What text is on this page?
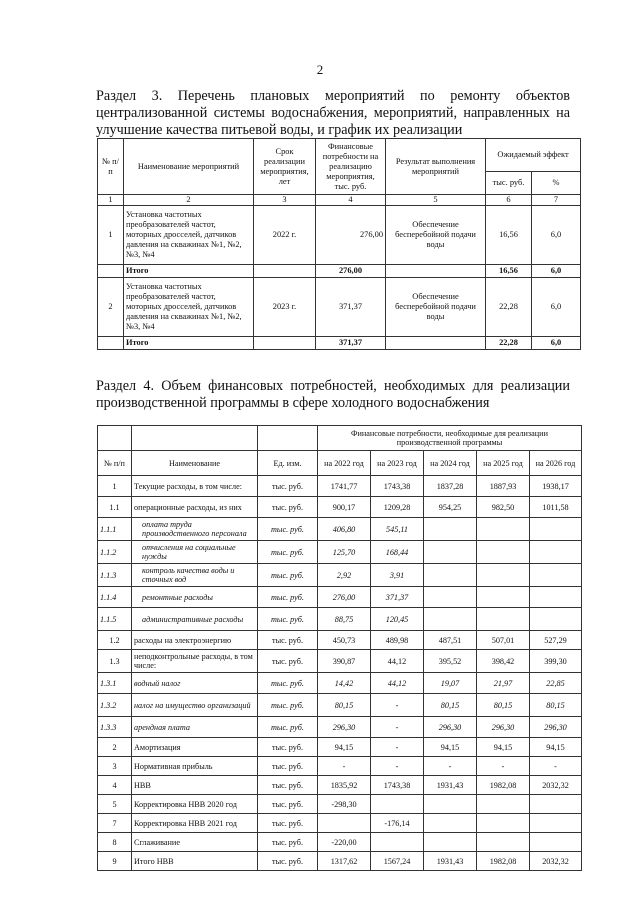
2
Раздел 3. Перечень плановых мероприятий по ремонту объектов централизованной системы водоснабжения, мероприятий, направленных на улучшение качества питьевой воды, и график их реализации
№ п/п	Наименование мероприятий	Срок реализации мероприятия, лет	Финансовые потребности на реализацию мероприятия, тыс. руб.	Результат выполнения мероприятий	Ожидаемый эффект	
					тыс. руб.	%
1	2	3	4	5	6	7
1	Установка частотных преобразователей частот, моторных дросселей, датчиков давления на скважинах №1, №2, №3, №4	2022 г.	276,00	Обеспечение бесперебойной подачи воды	16,56	6,0
	Итого		276,00		16,56	6,0
2	Установка частотных преобразователей частот, моторных дросселей, датчиков давления на скважинах №1, №2, №3, №4	2023 г.	371,37	Обеспечение бесперебойной подачи воды	22,28	6,0
	Итого		371,37		22,28	6,0
Раздел 4. Объем финансовых потребностей, необходимых для реализации производственной программы в сфере холодного водоснабжения
			Финансовые потребности, необходимые для реализации производственной программы				
№ п/п	Наименование	Ед. изм.	на 2022 год	на 2023 год	на 2024 год	на 2025 год	на 2026 год
1	Текущие расходы, в том числе:	тыс. руб.	1741,77	1743,38	1837,28	1887,93	1938,17
1.1	операционные расходы, из них	тыс. руб.	900,17	1209,28	954,25	982,50	1011,58
1.1.1	оплата труда производственного персонала	тыс. руб.	406,80	545,11			
1.1.2	отчисления на социальные нужды	тыс. руб.	125,70	168,44			
1.1.3	контроль качества воды и сточных вод	тыс. руб.	2,92	3,91			
1.1.4	ремонтные расходы	тыс. руб.	276,00	371,37			
1.1.5	административные расходы	тыс. руб.	88,75	120,45			
1.2	расходы на электроэнергию	тыс. руб.	450,73	489,98	487,51	507,01	527,29
1.3	неподконтрольные расходы, в том числе:	тыс. руб.	390,87	44,12	395,52	398,42	399,30
1.3.1	водный налог	тыс. руб.	14,42	44,12	19,07	21,97	22,85
1.3.2	налог на имущество организаций	тыс. руб.	80,15	-	80,15	80,15	80,15
1.3.3	арендная плата	тыс. руб.	296,30	-	296,30	296,30	296,30
2	Амортизация	тыс. руб.	94,15	-	94,15	94,15	94,15
3	Нормативная прибыль	тыс. руб.	-	-	-	-	-
4	НВВ	тыс. руб.	1835,92	1743,38	1931,43	1982,08	2032,32
5	Корректировка НВВ 2020 год	тыс. руб.	-298,30				
7	Корректировка НВВ 2021 год	тыс. руб.		-176,14			
8	Сглаживание	тыс. руб.	-220,00				
9	Итого НВВ	тыс. руб.	1317,62	1567,24	1931,43	1982,08	2032,32
